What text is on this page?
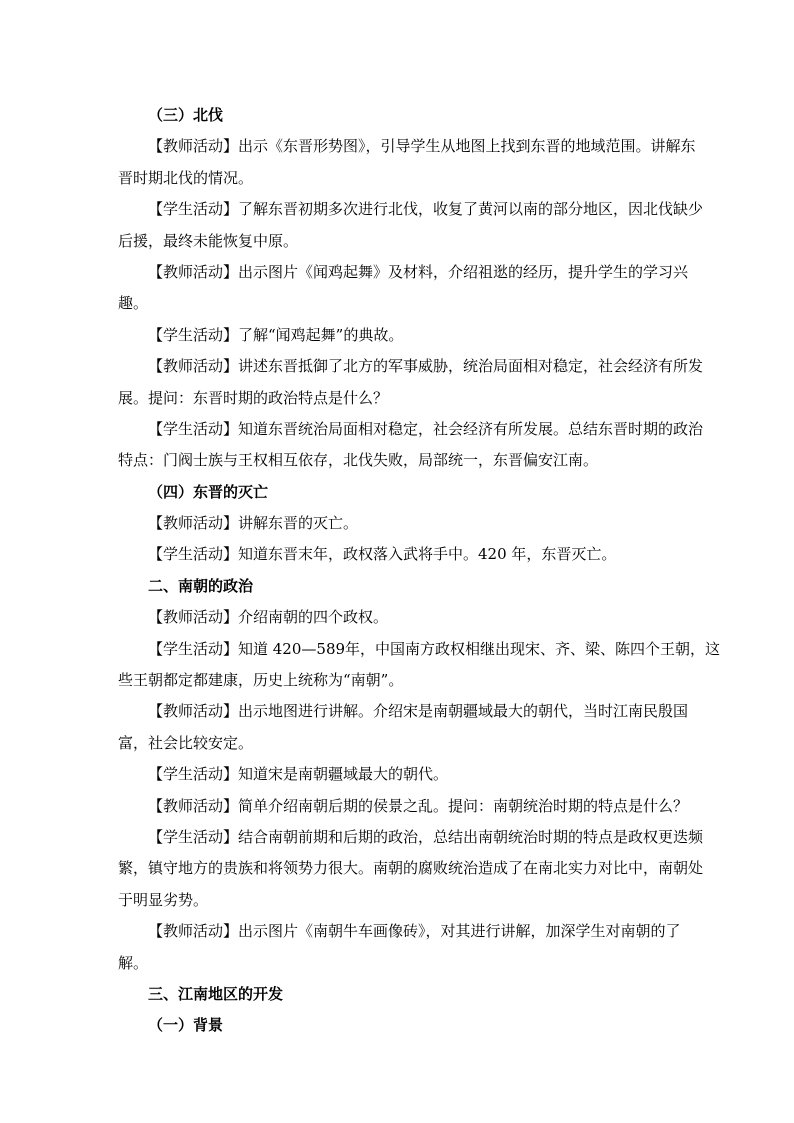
（三）北伐
【教师活动】出示《东晋形势图》，引导学生从地图上找到东晋的地域范围。讲解东
晋时期北伐的情况。
【学生活动】了解东晋初期多次进行北伐，收复了黄河以南的部分地区，因北伐缺少
后援，最终未能恢复中原。
【教师活动】出示图片《闻鸡起舞》及材料，介绍祖逖的经历，提升学生的学习兴
趣。
【学生活动】了解“闻鸡起舞”的典故。
【教师活动】讲述东晋抵御了北方的军事威胁，统治局面相对稳定，社会经济有所发
展。提问：东晋时期的政治特点是什么？
【学生活动】知道东晋统治局面相对稳定，社会经济有所发展。总结东晋时期的政治
特点：门阀士族与王权相互依存，北伐失败，局部统一，东晋偏安江南。
（四）东晋的灭亡
【教师活动】讲解东晋的灭亡。
【学生活动】知道东晋末年，政权落入武将手中。420 年，东晋灭亡。
二、南朝的政治
【教师活动】介绍南朝的四个政权。
【学生活动】知道 420—589年，中国南方政权相继出现宋、齐、梁、陈四个王朝，这
些王朝都定都建康，历史上统称为“南朝”。
【教师活动】出示地图进行讲解。介绍宋是南朝疆域最大的朝代，当时江南民殷国
富，社会比较安定。
【学生活动】知道宋是南朝疆域最大的朝代。
【教师活动】简单介绍南朝后期的侯景之乱。提问：南朝统治时期的特点是什么？
【学生活动】结合南朝前期和后期的政治，总结出南朝统治时期的特点是政权更迭频
繁，镇守地方的贵族和将领势力很大。南朝的腐败统治造成了在南北实力对比中，南朝处
于明显劣势。
【教师活动】出示图片《南朝牛车画像砖》，对其进行讲解，加深学生对南朝的了
解。
三、江南地区的开发
（一）背景
